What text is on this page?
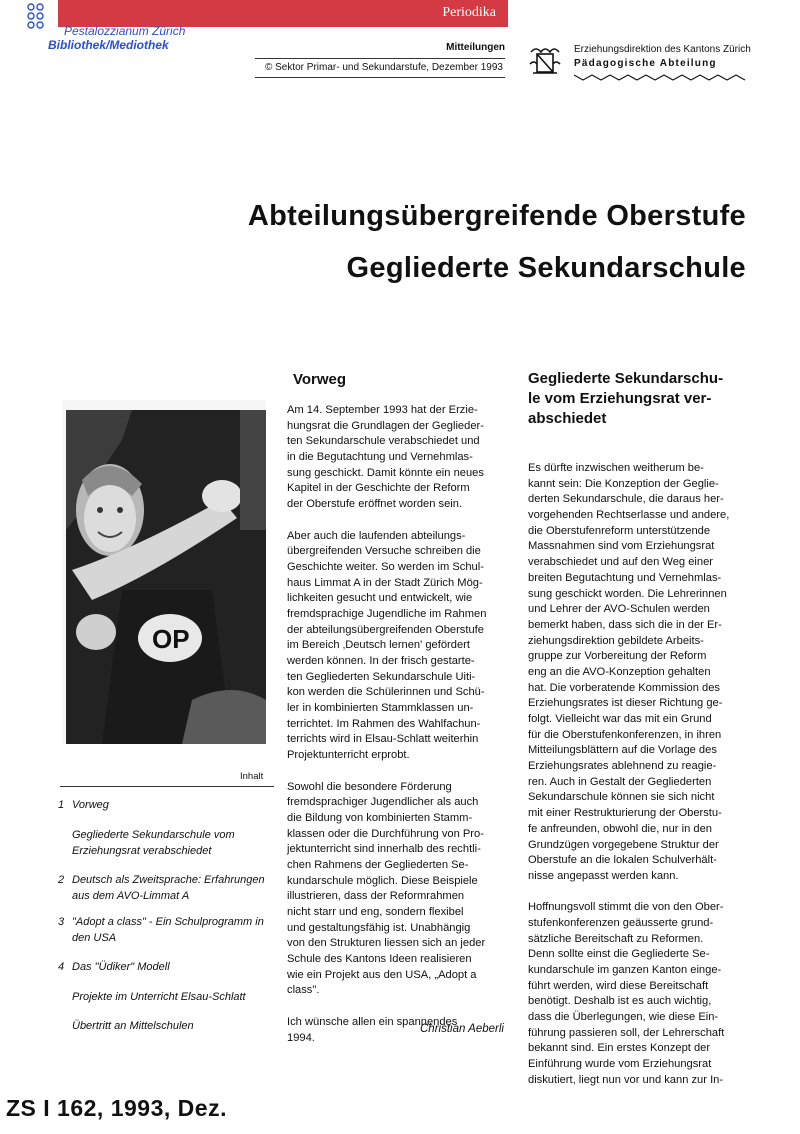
Periodika
Pestalozzianum Zürich
Bibliothek/Mediothek	Mitteilungen
© Sektor Primar- und Sekundarstufe, Dezember 1993
Erziehungsdirektion des Kantons Zürich
Pädagogische Abteilung
Abteilungsübergreifende Oberstufe
Gegliederte Sekundarschule
OP
Inhalt
1 Vorweg
Gegliederte Sekundarschule vom Erziehungsrat verabschiedet
2 Deutsch als Zweitsprache: Erfahrungen aus dem AVO-Limmat A
3 "Adopt a class" - Ein Schulprogramm in den USA
4 Das "Üdiker" Modell
Projekte im Unterricht Elsau-Schlatt
Übertritt an Mittelschulen
Vorweg
Am 14. September 1993 hat der Erzie-
hungsrat die Grundlagen der Geglieder-
ten Sekundarschule verabschiedet und
in die Begutachtung und Vernehmlas-
sung geschickt. Damit könnte ein neues
Kapitel in der Geschichte der Reform
der Oberstufe eröffnet worden sein.
Aber auch die laufenden abteilungs-
übergreifenden Versuche schreiben die
Geschichte weiter. So werden im Schul-
haus Limmat A in der Stadt Zürich Mög-
lichkeiten gesucht und entwickelt, wie
fremdsprachige Jugendliche im Rahmen
der abteilungsübergreifenden Oberstufe
im Bereich ‚Deutsch lernen' gefördert
werden können. In der frisch gestarte-
ten Gegliederten Sekundarschule Uiti-
kon werden die Schülerinnen und Schü-
ler in kombinierten Stammklassen un-
terrichtet. Im Rahmen des Wahlfachun-
terrichts wird in Elsau-Schlatt weiterhin
Projektunterricht erprobt.
Sowohl die besondere Förderung
fremdsprachiger Jugendlicher als auch
die Bildung von kombinierten Stamm-
klassen oder die Durchführung von Pro-
jektunterricht sind innerhalb des rechtli-
chen Rahmens der Gegliederten Se-
kundarschule möglich. Diese Beispiele
illustrieren, dass der Reformrahmen
nicht starr und eng, sondern flexibel
und gestaltungsfähig ist. Unabhängig
von den Strukturen liessen sich an jeder
Schule des Kantons Ideen realisieren
wie ein Projekt aus den USA, „Adopt a
class".
Ich wünsche allen ein spannendes
1994.
Christian Aeberli
Gegliederte Sekundarschu-
le vom Erziehungsrat ver-
abschiedet
Es dürfte inzwischen weitherum be-
kannt sein: Die Konzeption der Geglie-
derten Sekundarschule, die daraus her-
vorgehenden Rechtserlasse und andere,
die Oberstufenreform unterstützende
Massnahmen sind vom Erziehungsrat
verabschiedet und auf den Weg einer
breiten Begutachtung und Vernehmlas-
sung geschickt worden. Die Lehrerinnen
und Lehrer der AVO-Schulen werden
bemerkt haben, dass sich die in der Er-
ziehungsdirektion gebildete Arbeits-
gruppe zur Vorbereitung der Reform
eng an die AVO-Konzeption gehalten
hat. Die vorberatende Kommission des
Erziehungsrates ist dieser Richtung ge-
folgt. Vielleicht war das mit ein Grund
für die Oberstufenkonferenzen, in ihren
Mitteilungsblättern auf die Vorlage des
Erziehungsrates ablehnend zu reagie-
ren. Auch in Gestalt der Gegliederten
Sekundarschule können sie sich nicht
mit einer Restrukturierung der Oberstu-
fe anfreunden, obwohl die, nur in den
Grundzügen vorgegebene Struktur der
Oberstufe an die lokalen Schulverhält-
nisse angepasst werden kann.
Hoffnungsvoll stimmt die von den Ober-
stufenkonferenzen geäusserte grund-
sätzliche Bereitschaft zu Reformen.
Denn sollte einst die Gegliederte Se-
kundarschule im ganzen Kanton einge-
führt werden, wird diese Bereitschaft
benötigt. Deshalb ist es auch wichtig,
dass die Überlegungen, wie diese Ein-
führung passieren soll, der Lehrerschaft
bekannt sind. Ein erstes Konzept der
Einführung wurde vom Erziehungsrat
diskutiert, liegt nun vor und kann zur In-
ZS I 162, 1993, Dez.
